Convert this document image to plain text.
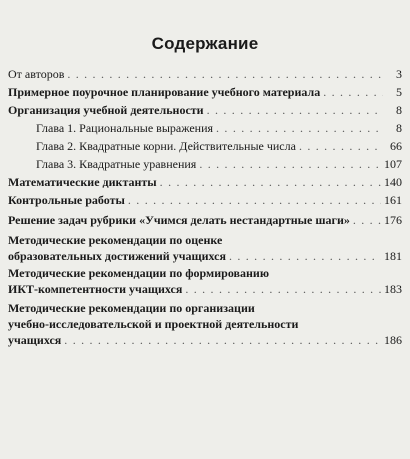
Содержание
От авторов . . .	3
Примерное поурочное планирование учебного материала . . .	5
Организация учебной деятельности . . .	8
Глава 1. Рациональные выражения . . .	8
Глава 2. Квадратные корни. Действительные числа . . .	66
Глава 3. Квадратные уравнения . . .	107
Математические диктанты . . .	140
Контрольные работы . . .	161
Решение задач рубрики «Учимся делать нестандартные шаги» . . .	176
Методические рекомендации по оценке
образовательных достижений учащихся . . .	181
Методические рекомендации по формированию
ИКТ-компетентности учащихся . . .	183
Методические рекомендации по организации
учебно-исследовательской и проектной деятельности
учащихся . . .	186
